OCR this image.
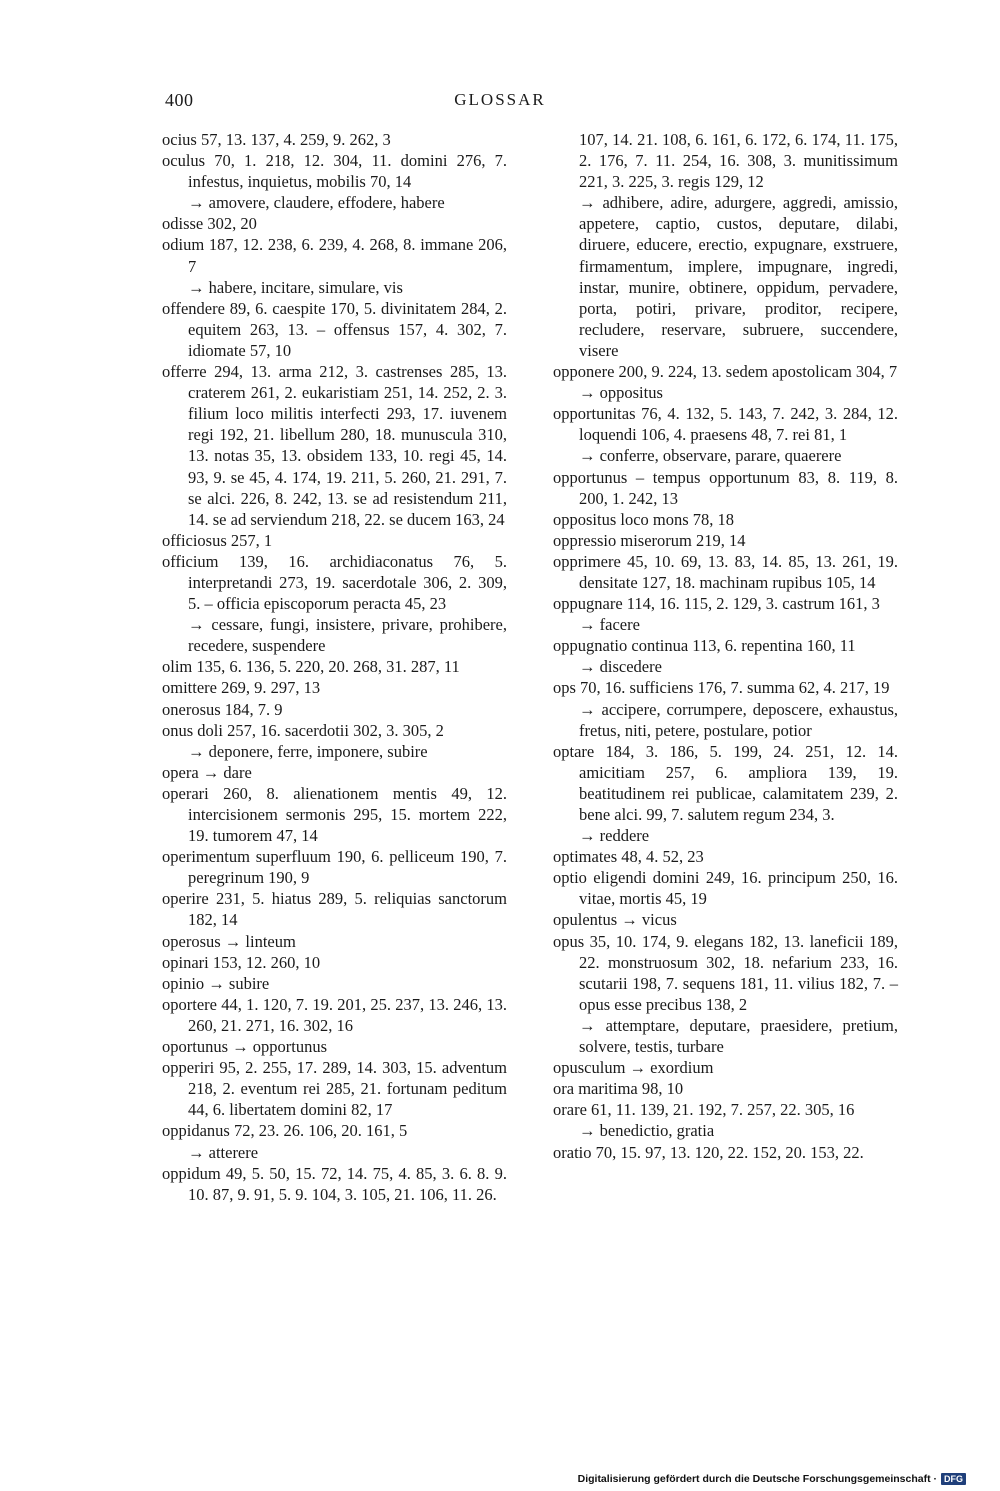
400	GLOSSAR
ocius 57, 13. 137, 4. 259, 9. 262, 3
oculus 70, 1. 218, 12. 304, 11. domini 276, 7. infestus, inquietus, mobilis 70, 14
→ amovere, claudere, effodere, habere
odisse 302, 20
odium 187, 12. 238, 6. 239, 4. 268, 8. immane 206, 7
→ habere, incitare, simulare, vis
offendere 89, 6. caespite 170, 5. divinitatem 284, 2. equitem 263, 13. – offensus 157, 4. 302, 7. idiomate 57, 10
offerre 294, 13. arma 212, 3. castrenses 285, 13. craterem 261, 2. eukaristiam 251, 14. 252, 2. 3. filium loco militis interfecti 293, 17. iuvenem regi 192, 21. libellum 280, 18. munuscula 310, 13. notas 35, 13. obsidem 133, 10. regi 45, 14. 93, 9. se 45, 4. 174, 19. 211, 5. 260, 21. 291, 7. se alci. 226, 8. 242, 13. se ad resistendum 211, 14. se ad serviendum 218, 22. se ducem 163, 24
officiosus 257, 1
officium 139, 16. archidiaconatus 76, 5. interpretandi 273, 19. sacerdotale 306, 2. 309, 5. – officia episcoporum peracta 45, 23
→ cessare, fungi, insistere, privare, prohibere, recedere, suspendere
olim 135, 6. 136, 5. 220, 20. 268, 31. 287, 11
omittere 269, 9. 297, 13
onerosus 184, 7. 9
onus doli 257, 16. sacerdotii 302, 3. 305, 2
→ deponere, ferre, imponere, subire
opera → dare
operari 260, 8. alienationem mentis 49, 12. intercisionem sermonis 295, 15. mortem 222, 19. tumorem 47, 14
operimentum superfluum 190, 6. pelliceum 190, 7. peregrinum 190, 9
operire 231, 5. hiatus 289, 5. reliquias sanctorum 182, 14
operosus → linteum
opinari 153, 12. 260, 10
opinio → subire
oportere 44, 1. 120, 7. 19. 201, 25. 237, 13. 246, 13. 260, 21. 271, 16. 302, 16
oportunus → opportunus
opperiri 95, 2. 255, 17. 289, 14. 303, 15. adventum 218, 2. eventum rei 285, 21. fortunam peditum 44, 6. libertatem domini 82, 17
oppidanus 72, 23. 26. 106, 20. 161, 5
→ atterere
oppidum 49, 5. 50, 15. 72, 14. 75, 4. 85, 3. 6. 8. 9. 10. 87, 9. 91, 5. 9. 104, 3. 105, 21. 106, 11. 26.
107, 14. 21. 108, 6. 161, 6. 172, 6. 174, 11. 175, 2. 176, 7. 11. 254, 16. 308, 3. munitissimum 221, 3. 225, 3. regis 129, 12
→ adhibere, adire, adurgere, aggredi, amissio, appetere, captio, custos, deputare, dilabi, diruere, educere, erectio, expugnare, exstruere, firmamentum, implere, impugnare, ingredi, instar, munire, obtinere, oppidum, pervadere, porta, potiri, privare, proditor, recipere, recludere, reservare, subruere, succendere, visere
opponere 200, 9. 224, 13. sedem apostolicam 304, 7
→ oppositus
opportunitas 76, 4. 132, 5. 143, 7. 242, 3. 284, 12. loquendi 106, 4. praesens 48, 7. rei 81, 1
→ conferre, observare, parare, quaerere
opportunus – tempus opportunum 83, 8. 119, 8. 200, 1. 242, 13
oppositus loco mons 78, 18
oppressio miserorum 219, 14
opprimere 45, 10. 69, 13. 83, 14. 85, 13. 261, 19. densitate 127, 18. machinam rupibus 105, 14
oppugnare 114, 16. 115, 2. 129, 3. castrum 161, 3
→ facere
oppugnatio continua 113, 6. repentina 160, 11
→ discedere
ops 70, 16. sufficiens 176, 7. summa 62, 4. 217, 19
→ accipere, corrumpere, deposcere, exhaustus, fretus, niti, petere, postulare, potior
optare 184, 3. 186, 5. 199, 24. 251, 12. 14. amicitiam 257, 6. ampliora 139, 19. beatitudinem rei publicae, calamitatem 239, 2. bene alci. 99, 7. salutem regum 234, 3.
→ reddere
optimates 48, 4. 52, 23
optio eligendi domini 249, 16. principum 250, 16. vitae, mortis 45, 19
opulentus → vicus
opus 35, 10. 174, 9. elegans 182, 13. laneficii 189, 22. monstruosum 302, 18. nefarium 233, 16. scutarii 198, 7. sequens 181, 11. vilius 182, 7. – opus esse precibus 138, 2
→ attemptare, deputare, praesidere, pretium, solvere, testis, turbare
opusculum → exordium
ora maritima 98, 10
orare 61, 11. 139, 21. 192, 7. 257, 22. 305, 16
→ benedictio, gratia
oratio 70, 15. 97, 13. 120, 22. 152, 20. 153, 22.
Digitalisierung gefördert durch die Deutsche Forschungsgemeinschaft · DFG
